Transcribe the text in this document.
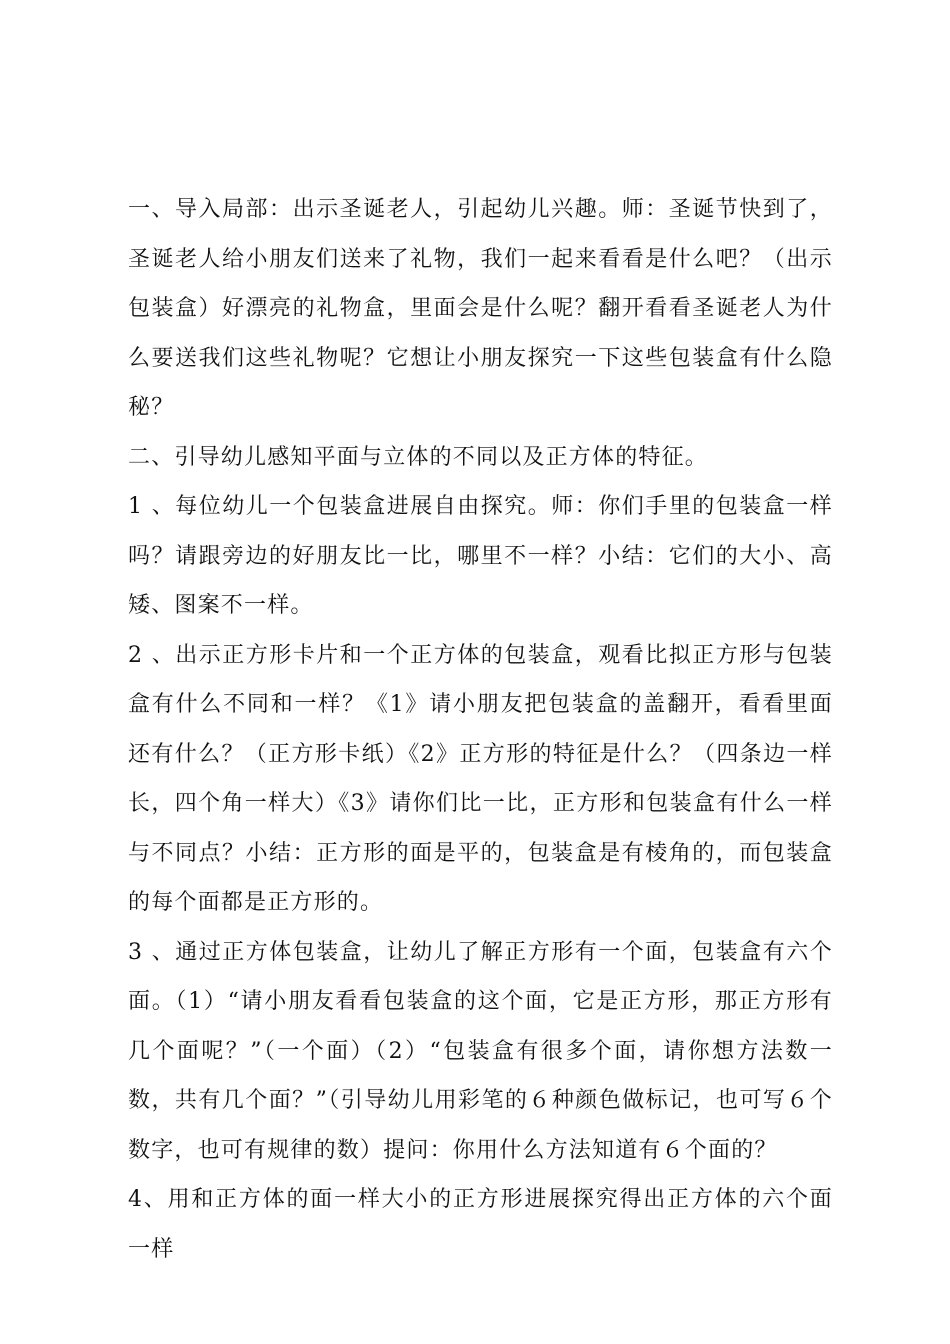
一、导入局部：出示圣诞老人，引起幼儿兴趣。师：圣诞节快到了，圣诞老人给小朋友们送来了礼物，我们一起来看看是什么吧？（出示包装盒）好漂亮的礼物盒，里面会是什么呢？翻开看看圣诞老人为什么要送我们这些礼物呢？它想让小朋友探究一下这些包装盒有什么隐秘？

二、引导幼儿感知平面与立体的不同以及正方体的特征。

1 、每位幼儿一个包装盒进展自由探究。师：你们手里的包装盒一样吗？请跟旁边的好朋友比一比，哪里不一样？小结：它们的大小、高矮、图案不一样。

2 、出示正方形卡片和一个正方体的包装盒，观看比拟正方形与包装盒有什么不同和一样？《1》请小朋友把包装盒的盖翻开，看看里面还有什么？（正方形卡纸）《2》正方形的特征是什么？（四条边一样长，四个角一样大）《3》请你们比一比，正方形和包装盒有什么一样与不同点？小结：正方形的面是平的，包装盒是有棱角的，而包装盒的每个面都是正方形的。

3 、通过正方体包装盒，让幼儿了解正方形有一个面，包装盒有六个面。（1）“请小朋友看看包装盒的这个面，它是正方形，那正方形有几个面呢？”（一个面）（2）“包装盒有很多个面，请你想方法数一数，共有几个面？”（引导幼儿用彩笔的６种颜色做标记，也可写６个数字，也可有规律的数）提问：你用什么方法知道有６个面的？

4、用和正方体的面一样大小的正方形进展探究得出正方体的六个面一样
